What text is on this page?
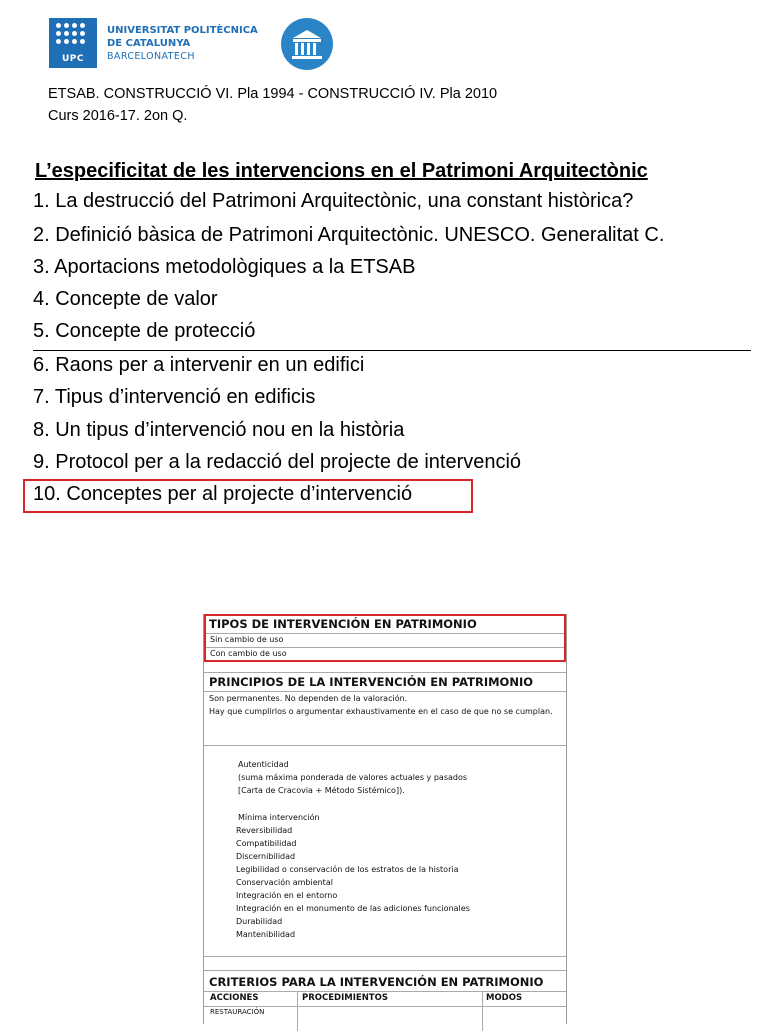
UPC
UNIVERSITAT POLITÈCNICA
DE CATALUNYA
BARCELONATECH
ETSAB. CONSTRUCCIÓ VI. Pla 1994 - CONSTRUCCIÓ IV. Pla 2010
Curs 2016-17. 2on Q.
L’especificitat de les intervencions en el Patrimoni Arquitectònic
1. La destrucció del Patrimoni Arquitectònic, una constant històrica?
2. Definició bàsica de Patrimoni Arquitectònic. UNESCO. Generalitat C.
3. Aportacions metodològiques a la ETSAB
4. Concepte de valor
5. Concepte de protecció
6. Raons per a intervenir en un edifici
7. Tipus d’intervenció en edificis
8. Un tipus d’intervenció nou en la història
9. Protocol per a la redacció del projecte de intervenció
10. Conceptes per al projecte d’intervenció
TIPOS DE INTERVENCIÓN EN PATRIMONIO
Sin cambio de uso
Con cambio de uso
PRINCIPIOS DE LA INTERVENCIÓN EN PATRIMONIO
Son permanentes. No dependen de la valoración.
Hay que cumplirlos o argumentar exhaustivamente en el caso de que no se cumplan.
Autenticidad
(suma máxima ponderada de valores actuales y pasados
[Carta de Cracovia + Método Sistémico]).
Mínima intervención
Reversibilidad
Compatibilidad
Discernibilidad
Legibilidad o conservación de los estratos de la historia
Conservación ambiental
Integración en el entorno
Integración en el monumento de las adiciones funcionales
Durabilidad
Mantenibilidad
CRITERIOS PARA LA INTERVENCIÓN EN PATRIMONIO
ACCIONES	PROCEDIMIENTOS	MODOS
RESTAURACIÓN
